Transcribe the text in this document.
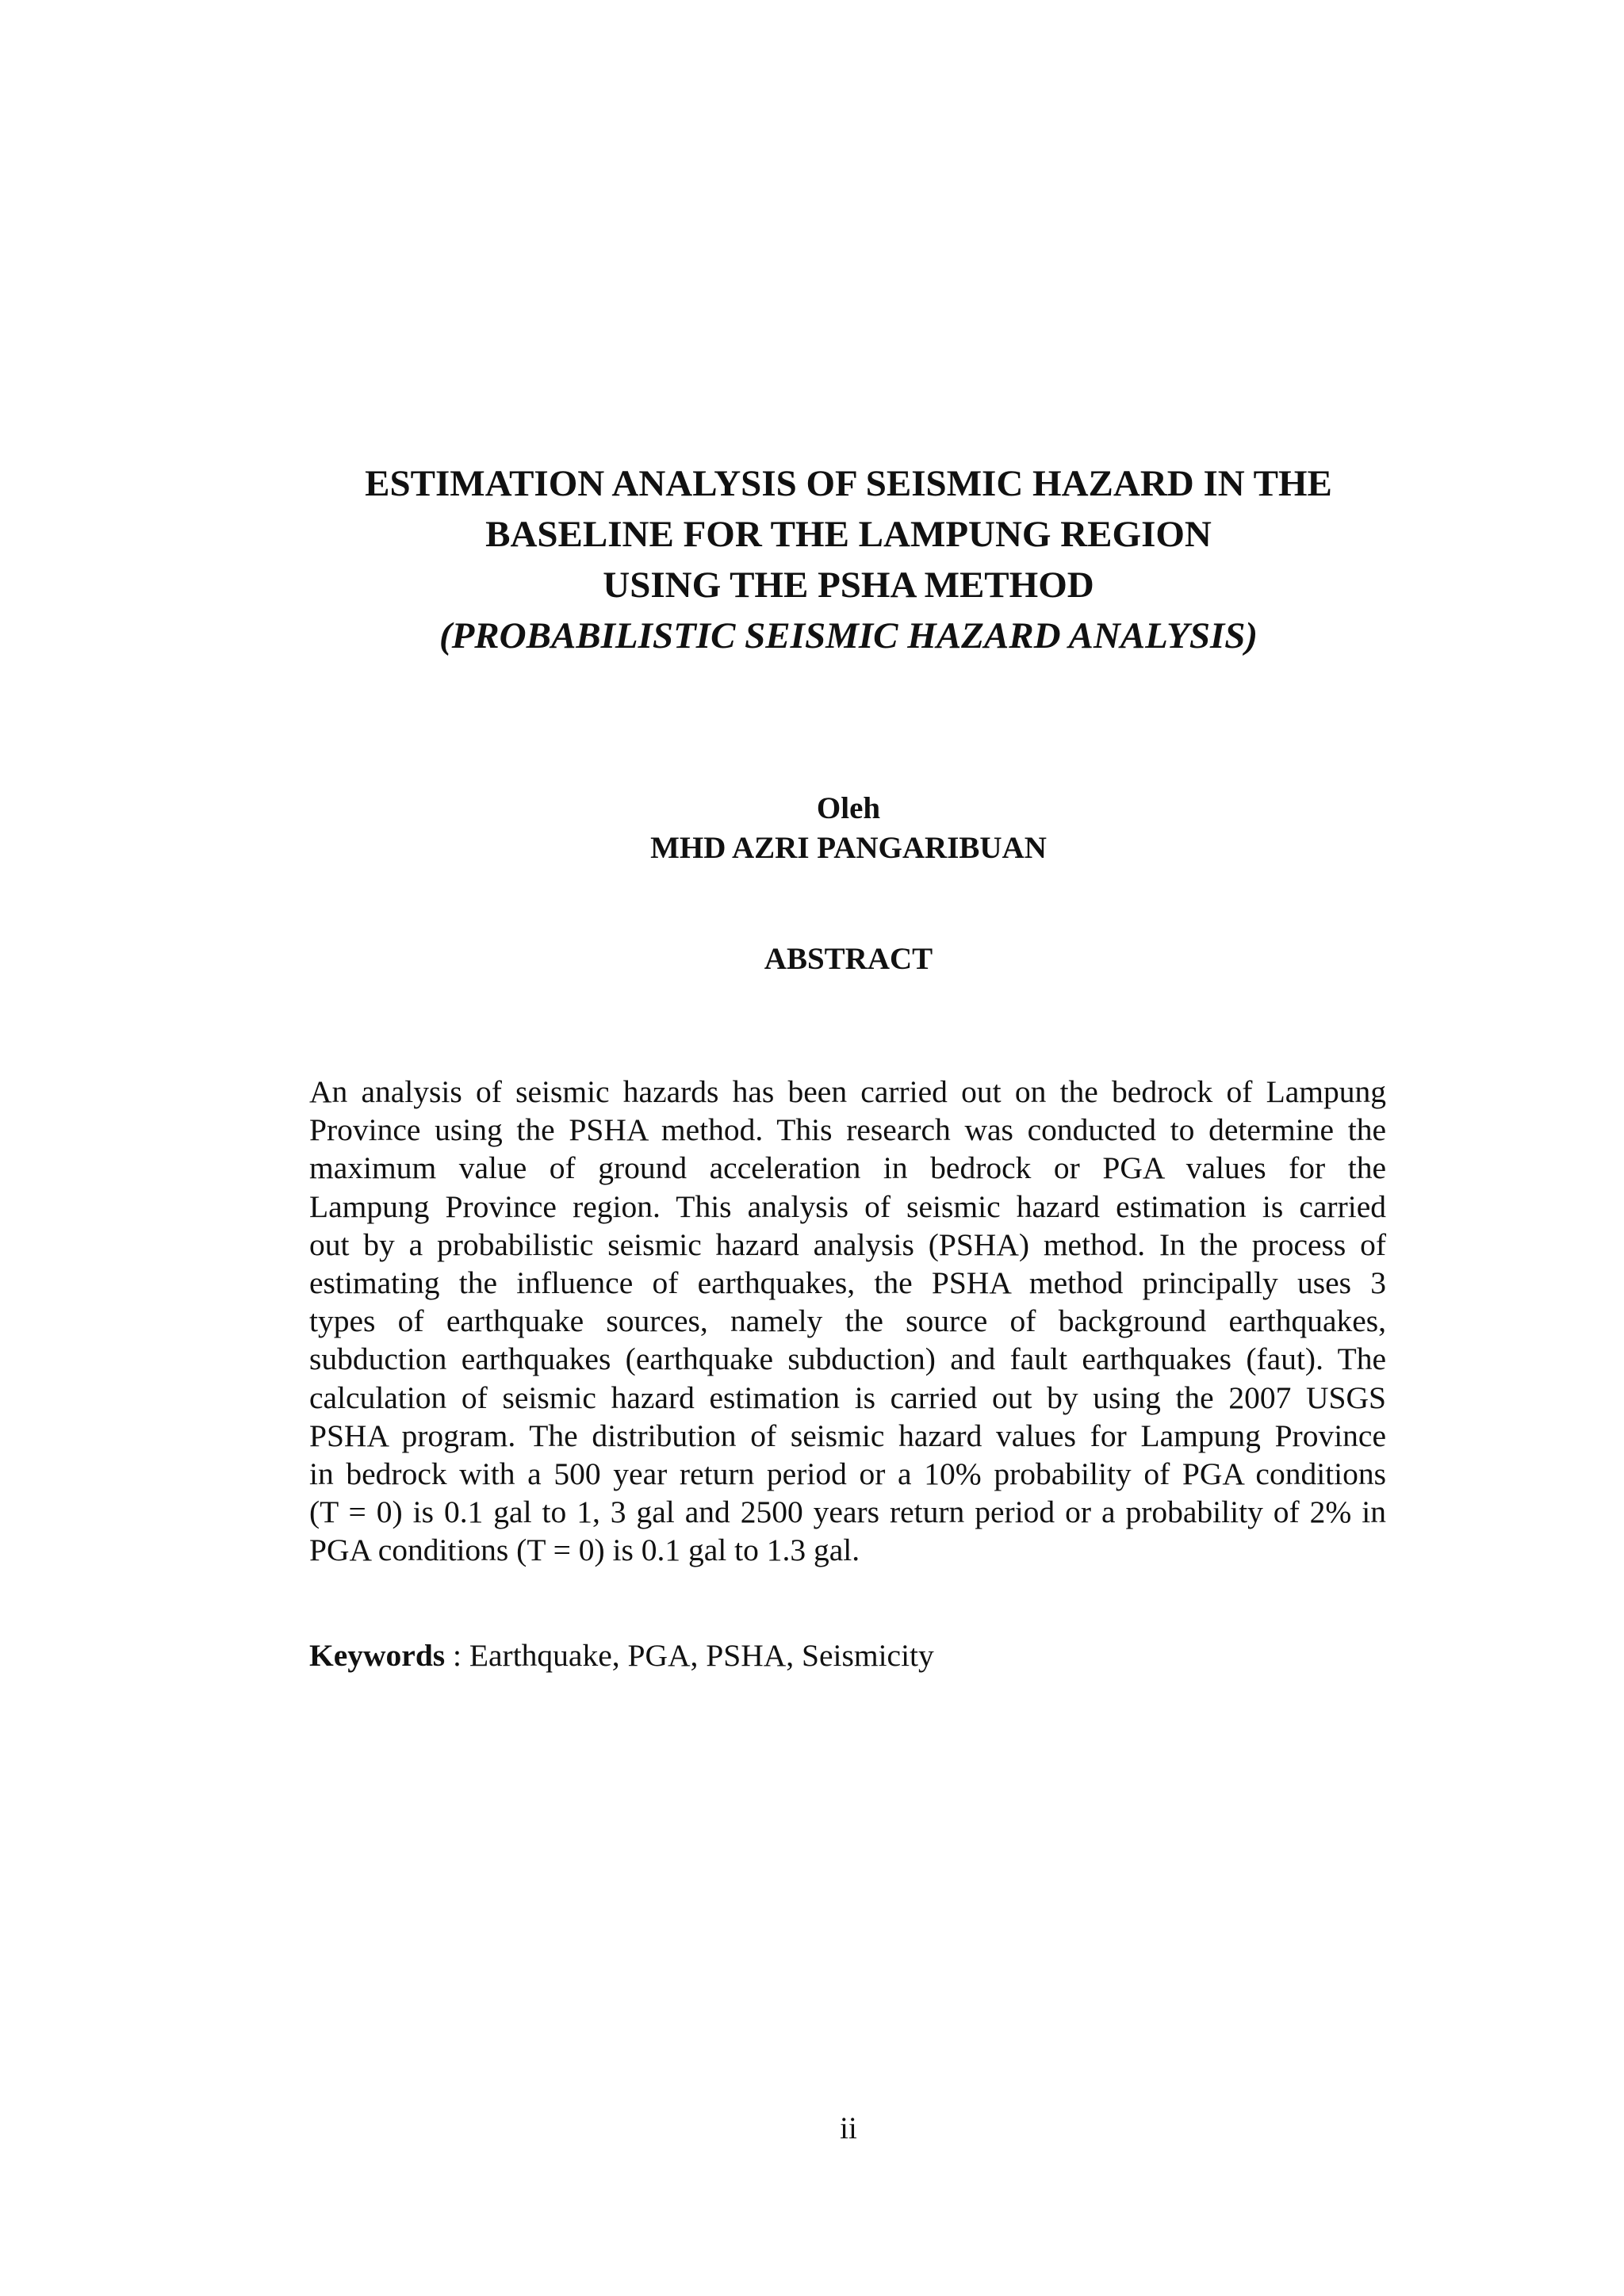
ESTIMATION ANALYSIS OF SEISMIC HAZARD IN THE
BASELINE FOR THE LAMPUNG REGION
USING THE PSHA METHOD
(PROBABILISTIC SEISMIC HAZARD ANALYSIS)
Oleh
MHD AZRI PANGARIBUAN
ABSTRACT
An analysis of seismic hazards has been carried out on the bedrock of Lampung
Province using the PSHA method. This research was conducted to determine the
maximum value of ground acceleration in bedrock or PGA values for the
Lampung Province region. This analysis of seismic hazard estimation is carried
out by a probabilistic seismic hazard analysis (PSHA) method. In the process of
estimating the influence of earthquakes, the PSHA method principally uses 3
types of earthquake sources, namely the source of background earthquakes,
subduction earthquakes (earthquake subduction) and fault earthquakes (faut). The
calculation of seismic hazard estimation is carried out by using the 2007 USGS
PSHA program. The distribution of seismic hazard values for Lampung Province
in bedrock with a 500 year return period or a 10% probability of PGA conditions
(T = 0) is 0.1 gal to 1, 3 gal and 2500 years return period or a probability of 2% in
PGA conditions (T = 0) is 0.1 gal to 1.3 gal.
Keywords : Earthquake, PGA, PSHA, Seismicity
ii
